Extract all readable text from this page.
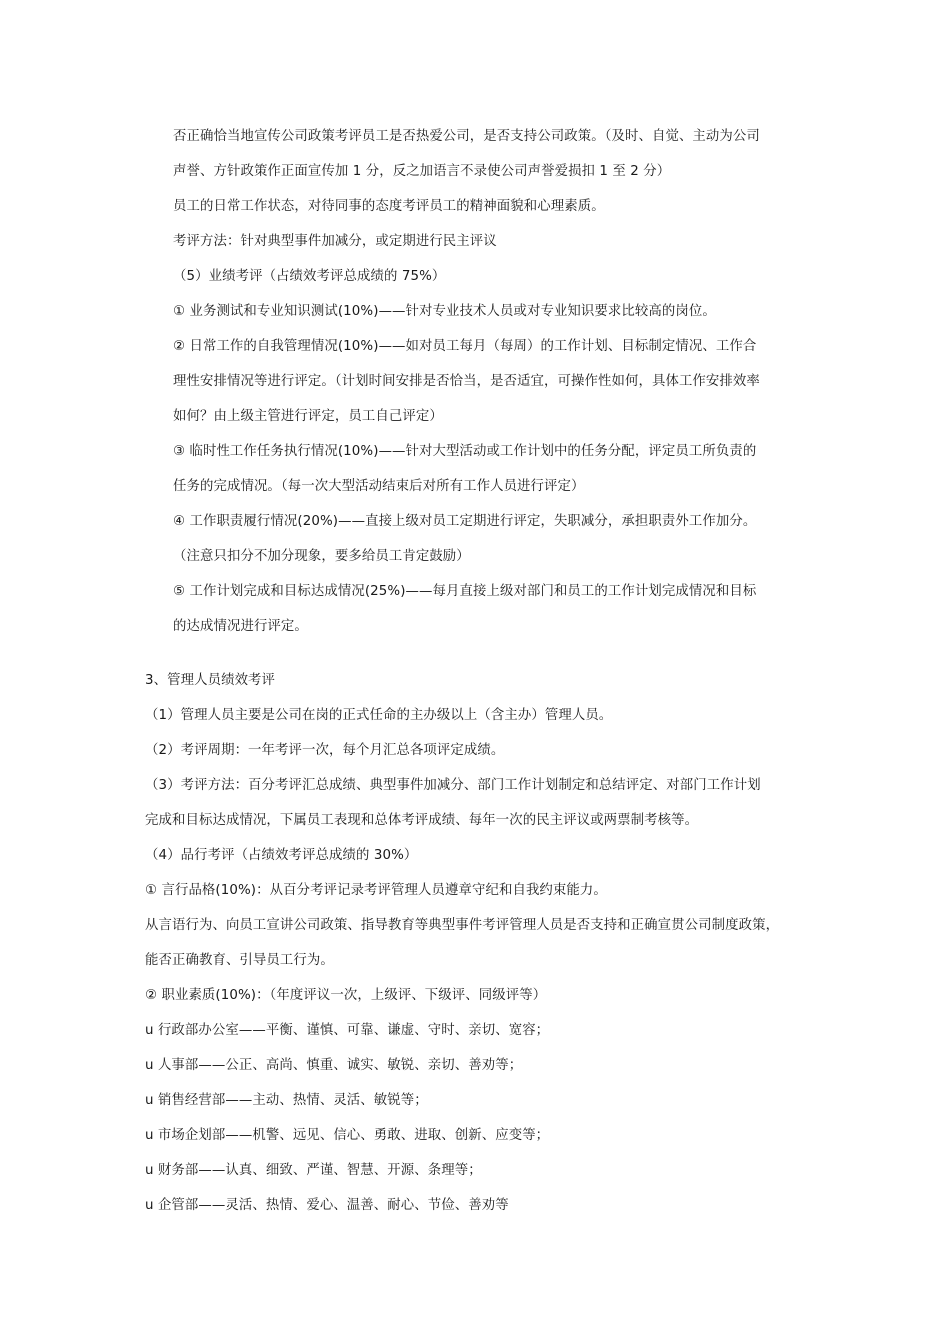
否正确恰当地宣传公司政策考评员工是否热爱公司，是否支持公司政策。（及时、自觉、主动为公司
声誉、方针政策作正面宣传加 1 分，反之加语言不录使公司声誉爱损扣 1 至 2 分）
员工的日常工作状态，对待同事的态度考评员工的精神面貌和心理素质。
考评方法：针对典型事件加减分，或定期进行民主评议
（5）业绩考评（占绩效考评总成绩的 75%）
① 业务测试和专业知识测试(10%)——针对专业技术人员或对专业知识要求比较高的岗位。
② 日常工作的自我管理情况(10%)——如对员工每月（每周）的工作计划、目标制定情况、工作合
理性安排情况等进行评定。（计划时间安排是否恰当，是否适宜，可操作性如何，具体工作安排效率
如何？由上级主管进行评定，员工自己评定）
③ 临时性工作任务执行情况(10%)——针对大型活动或工作计划中的任务分配，评定员工所负责的
任务的完成情况。（每一次大型活动结束后对所有工作人员进行评定）
④ 工作职责履行情况(20%)——直接上级对员工定期进行评定，失职减分，承担职责外工作加分。
（注意只扣分不加分现象，要多给员工肯定鼓励）
⑤ 工作计划完成和目标达成情况(25%)——每月直接上级对部门和员工的工作计划完成情况和目标
的达成情况进行评定。
3、管理人员绩效考评
（1）管理人员主要是公司在岗的正式任命的主办级以上（含主办）管理人员。
（2）考评周期：一年考评一次，每个月汇总各项评定成绩。
（3）考评方法：百分考评汇总成绩、典型事件加减分、部门工作计划制定和总结评定、对部门工作计划
完成和目标达成情况，下属员工表现和总体考评成绩、每年一次的民主评议或两票制考核等。
（4）品行考评（占绩效考评总成绩的 30%）
① 言行品格(10%)：从百分考评记录考评管理人员遵章守纪和自我约束能力。
从言语行为、向员工宣讲公司政策、指导教育等典型事件考评管理人员是否支持和正确宣贯公司制度政策，
能否正确教育、引导员工行为。
② 职业素质(10%)：（年度评议一次，上级评、下级评、同级评等）
u 行政部办公室——平衡、谨慎、可靠、谦虚、守时、亲切、宽容；
u 人事部——公正、高尚、慎重、诚实、敏锐、亲切、善劝等；
u 销售经营部——主动、热情、灵活、敏锐等；
u 市场企划部——机警、远见、信心、勇敢、进取、创新、应变等；
u 财务部——认真、细致、严谨、智慧、开源、条理等；
u 企管部——灵活、热情、爱心、温善、耐心、节俭、善劝等
